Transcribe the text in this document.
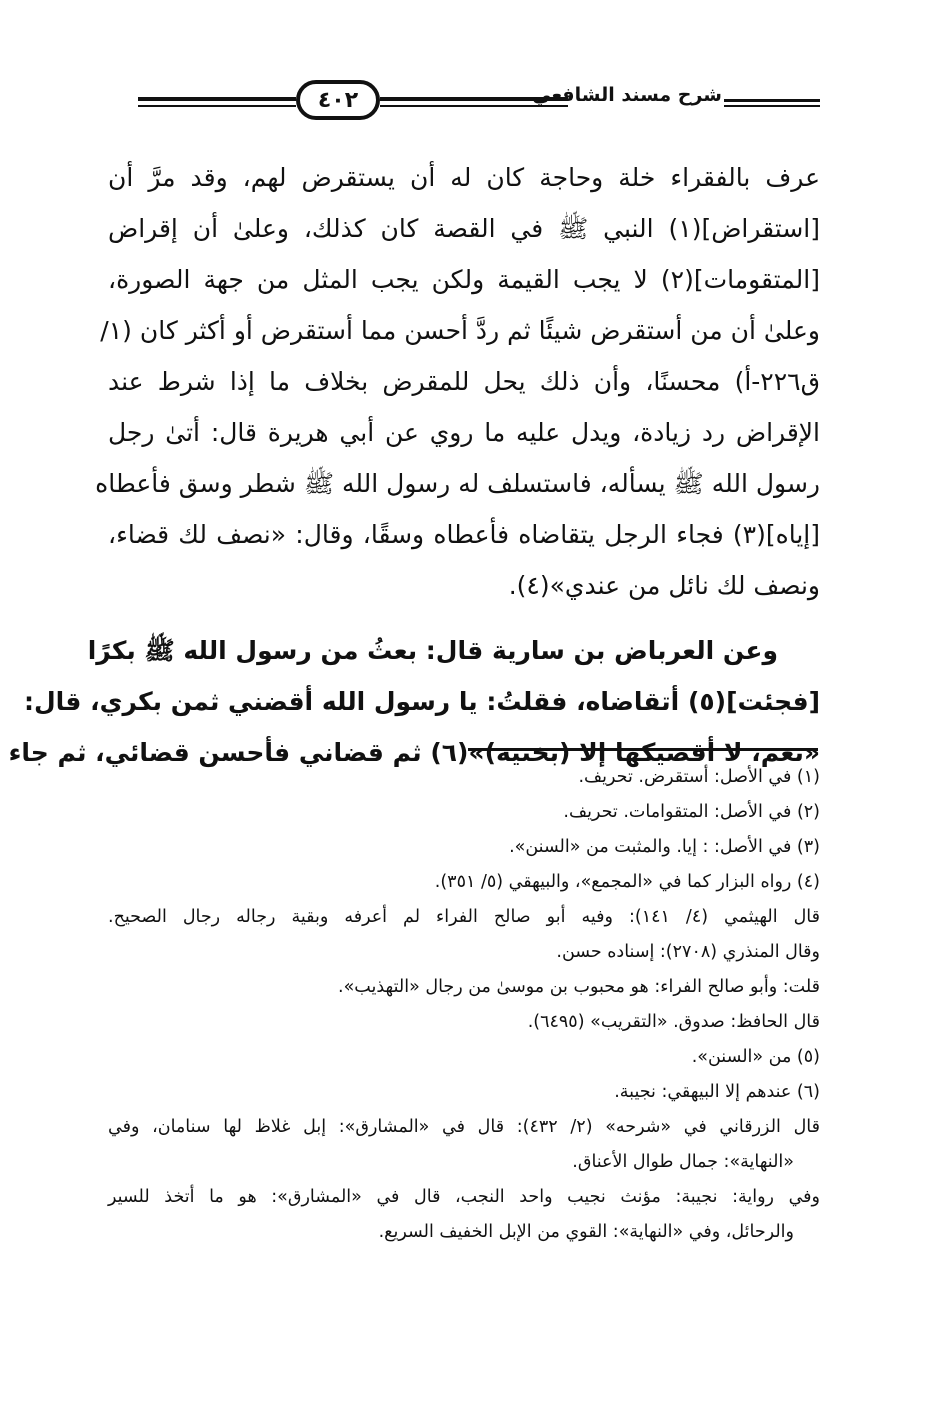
٤٠٢	شرح مسند الشافعي
عرف بالفقراء خلة وحاجة كان له أن يستقرض لهم، وقد مرَّ أن
[استقراض](١) النبي ﷺ في القصة كان كذلك، وعلىٰ أن إقراض
[المتقومات](٢) لا يجب القيمة ولكن يجب المثل من جهة الصورة،
وعلىٰ أن من أستقرض شيئًا ثم ردَّ أحسن مما أستقرض أو أكثر كان (١/
ق٢٢٦-أ) محسنًا، وأن ذلك يحل للمقرض بخلاف ما إذا شرط عند
الإقراض رد زيادة، ويدل عليه ما روي عن أبي هريرة قال: أتىٰ رجل
رسول الله ﷺ يسأله، فاستسلف له رسول الله ﷺ شطر وسق فأعطاه
[إياه](٣) فجاء الرجل يتقاضاه فأعطاه وسقًا، وقال: «نصف لك قضاء،
ونصف لك نائل من عندي»(٤).
وعن العرباض بن سارية قال: بعثُ من رسول الله ﷺ بكرًا
[فجئت](٥) أتقاضاه، فقلتُ: يا رسول الله أقضني ثمن بكري، قال:
«نعم، لا أقضيكها إلا (بختية)»(٦) ثم قضاني فأحسن قضائي، ثم جاء
(١) في الأصل: أستقرض. تحريف.
(٢) في الأصل: المتقوامات. تحريف.
(٣) في الأصل: : إيا. والمثبت من «السنن».
(٤) رواه البزار كما في «المجمع»، والبيهقي (٥/ ٣٥١).
قال الهيثمي (٤/ ١٤١): وفيه أبو صالح الفراء لم أعرفه وبقية رجاله رجال الصحيح.
وقال المنذري (٢٧٠٨): إسناده حسن.
قلت: وأبو صالح الفراء: هو محبوب بن موسىٰ من رجال «التهذيب».
قال الحافظ: صدوق. «التقريب» (٦٤٩٥).
(٥) من «السنن».
(٦) عندهم إلا البيهقي: نجيبة.
قال الزرقاني في «شرحه» (٢/ ٤٣٢): قال في «المشارق»: إبل غلاظ لها سنامان، وفي
«النهاية»: جمال طوال الأعناق.
وفي رواية: نجيبة: مؤنث نجيب واحد النجب، قال في «المشارق»: هو ما أتخذ للسير
والرحائل، وفي «النهاية»: القوي من الإبل الخفيف السريع.
